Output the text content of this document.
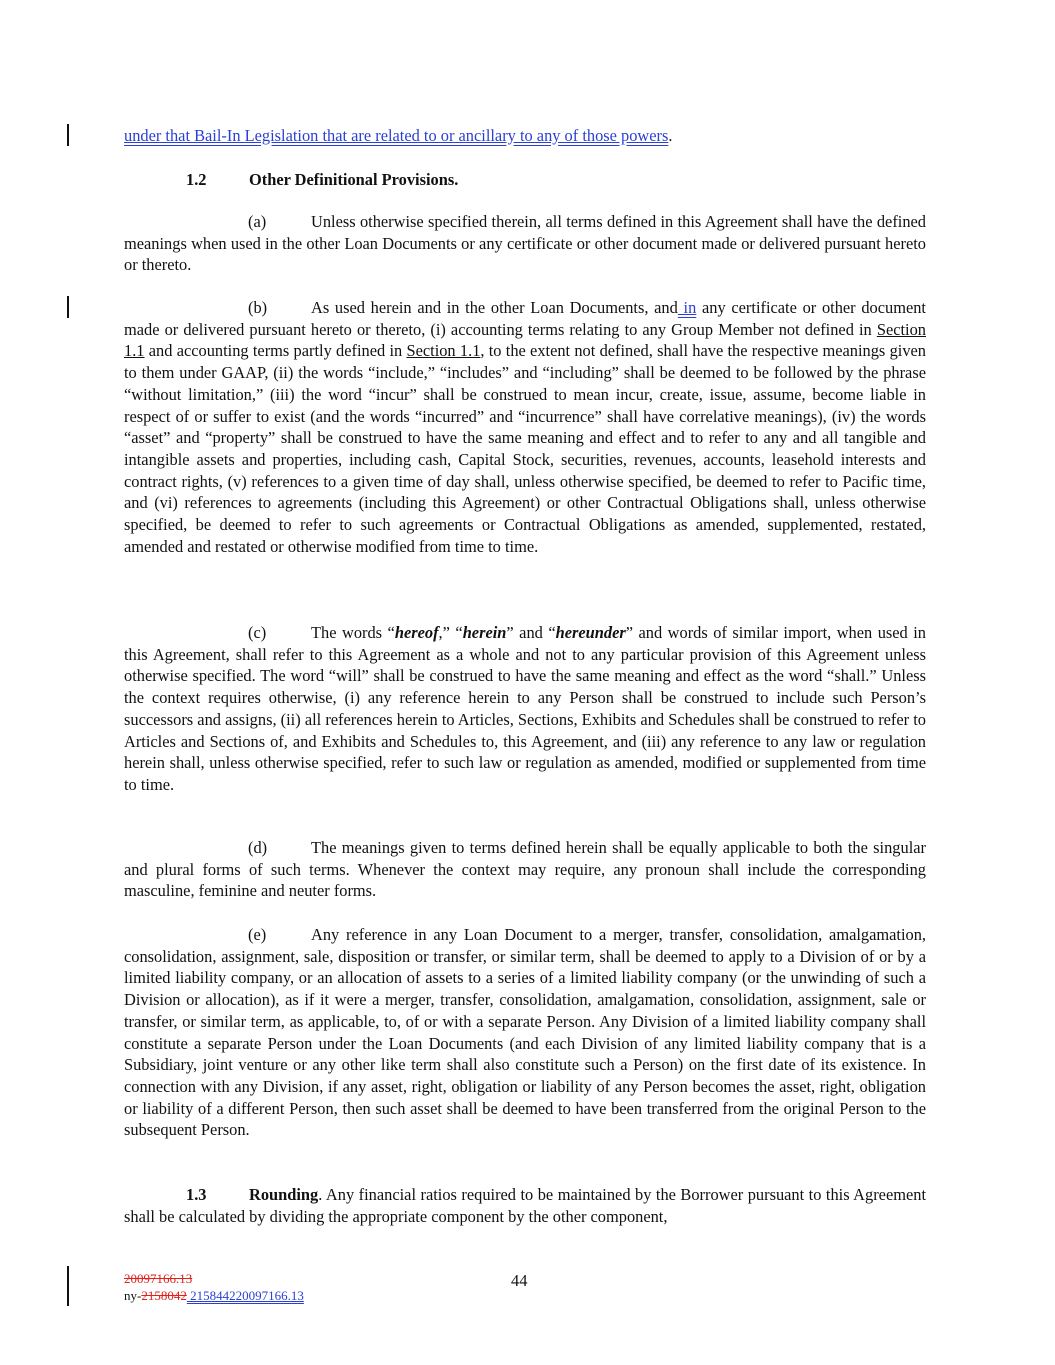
under that Bail-In Legislation that are related to or ancillary to any of those powers.
1.2	Other Definitional Provisions.
(a)	Unless otherwise specified therein, all terms defined in this Agreement shall have the defined meanings when used in the other Loan Documents or any certificate or other document made or delivered pursuant hereto or thereto.
(b)	As used herein and in the other Loan Documents, and in any certificate or other document made or delivered pursuant hereto or thereto, (i) accounting terms relating to any Group Member not defined in Section 1.1 and accounting terms partly defined in Section 1.1, to the extent not defined, shall have the respective meanings given to them under GAAP, (ii) the words “include,” “includes” and “including” shall be deemed to be followed by the phrase “without limitation,” (iii) the word “incur” shall be construed to mean incur, create, issue, assume, become liable in respect of or suffer to exist (and the words “incurred” and “incurrence” shall have correlative meanings), (iv) the words “asset” and “property” shall be construed to have the same meaning and effect and to refer to any and all tangible and intangible assets and properties, including cash, Capital Stock, securities, revenues, accounts, leasehold interests and contract rights, (v) references to a given time of day shall, unless otherwise specified, be deemed to refer to Pacific time, and (vi) references to agreements (including this Agreement) or other Contractual Obligations shall, unless otherwise specified, be deemed to refer to such agreements or Contractual Obligations as amended, supplemented, restated, amended and restated or otherwise modified from time to time.
(c)	The words “hereof,” “herein” and “hereunder” and words of similar import, when used in this Agreement, shall refer to this Agreement as a whole and not to any particular provision of this Agreement unless otherwise specified. The word “will” shall be construed to have the same meaning and effect as the word “shall.” Unless the context requires otherwise, (i) any reference herein to any Person shall be construed to include such Person’s successors and assigns, (ii) all references herein to Articles, Sections, Exhibits and Schedules shall be construed to refer to Articles and Sections of, and Exhibits and Schedules to, this Agreement, and (iii) any reference to any law or regulation herein shall, unless otherwise specified, refer to such law or regulation as amended, modified or supplemented from time to time.
(d)	The meanings given to terms defined herein shall be equally applicable to both the singular and plural forms of such terms. Whenever the context may require, any pronoun shall include the corresponding masculine, feminine and neuter forms.
(e)	Any reference in any Loan Document to a merger, transfer, consolidation, amalgamation, consolidation, assignment, sale, disposition or transfer, or similar term, shall be deemed to apply to a Division of or by a limited liability company, or an allocation of assets to a series of a limited liability company (or the unwinding of such a Division or allocation), as if it were a merger, transfer, consolidation, amalgamation, consolidation, assignment, sale or transfer, or similar term, as applicable, to, of or with a separate Person. Any Division of a limited liability company shall constitute a separate Person under the Loan Documents (and each Division of any limited liability company that is a Subsidiary, joint venture or any other like term shall also constitute such a Person) on the first date of its existence. In connection with any Division, if any asset, right, obligation or liability of any Person becomes the asset, right, obligation or liability of a different Person, then such asset shall be deemed to have been transferred from the original Person to the subsequent Person.
1.3	Rounding. Any financial ratios required to be maintained by the Borrower pursuant to this Agreement shall be calculated by dividing the appropriate component by the other component,
20097166.13
ny-2158042 215844220097166.13
44
